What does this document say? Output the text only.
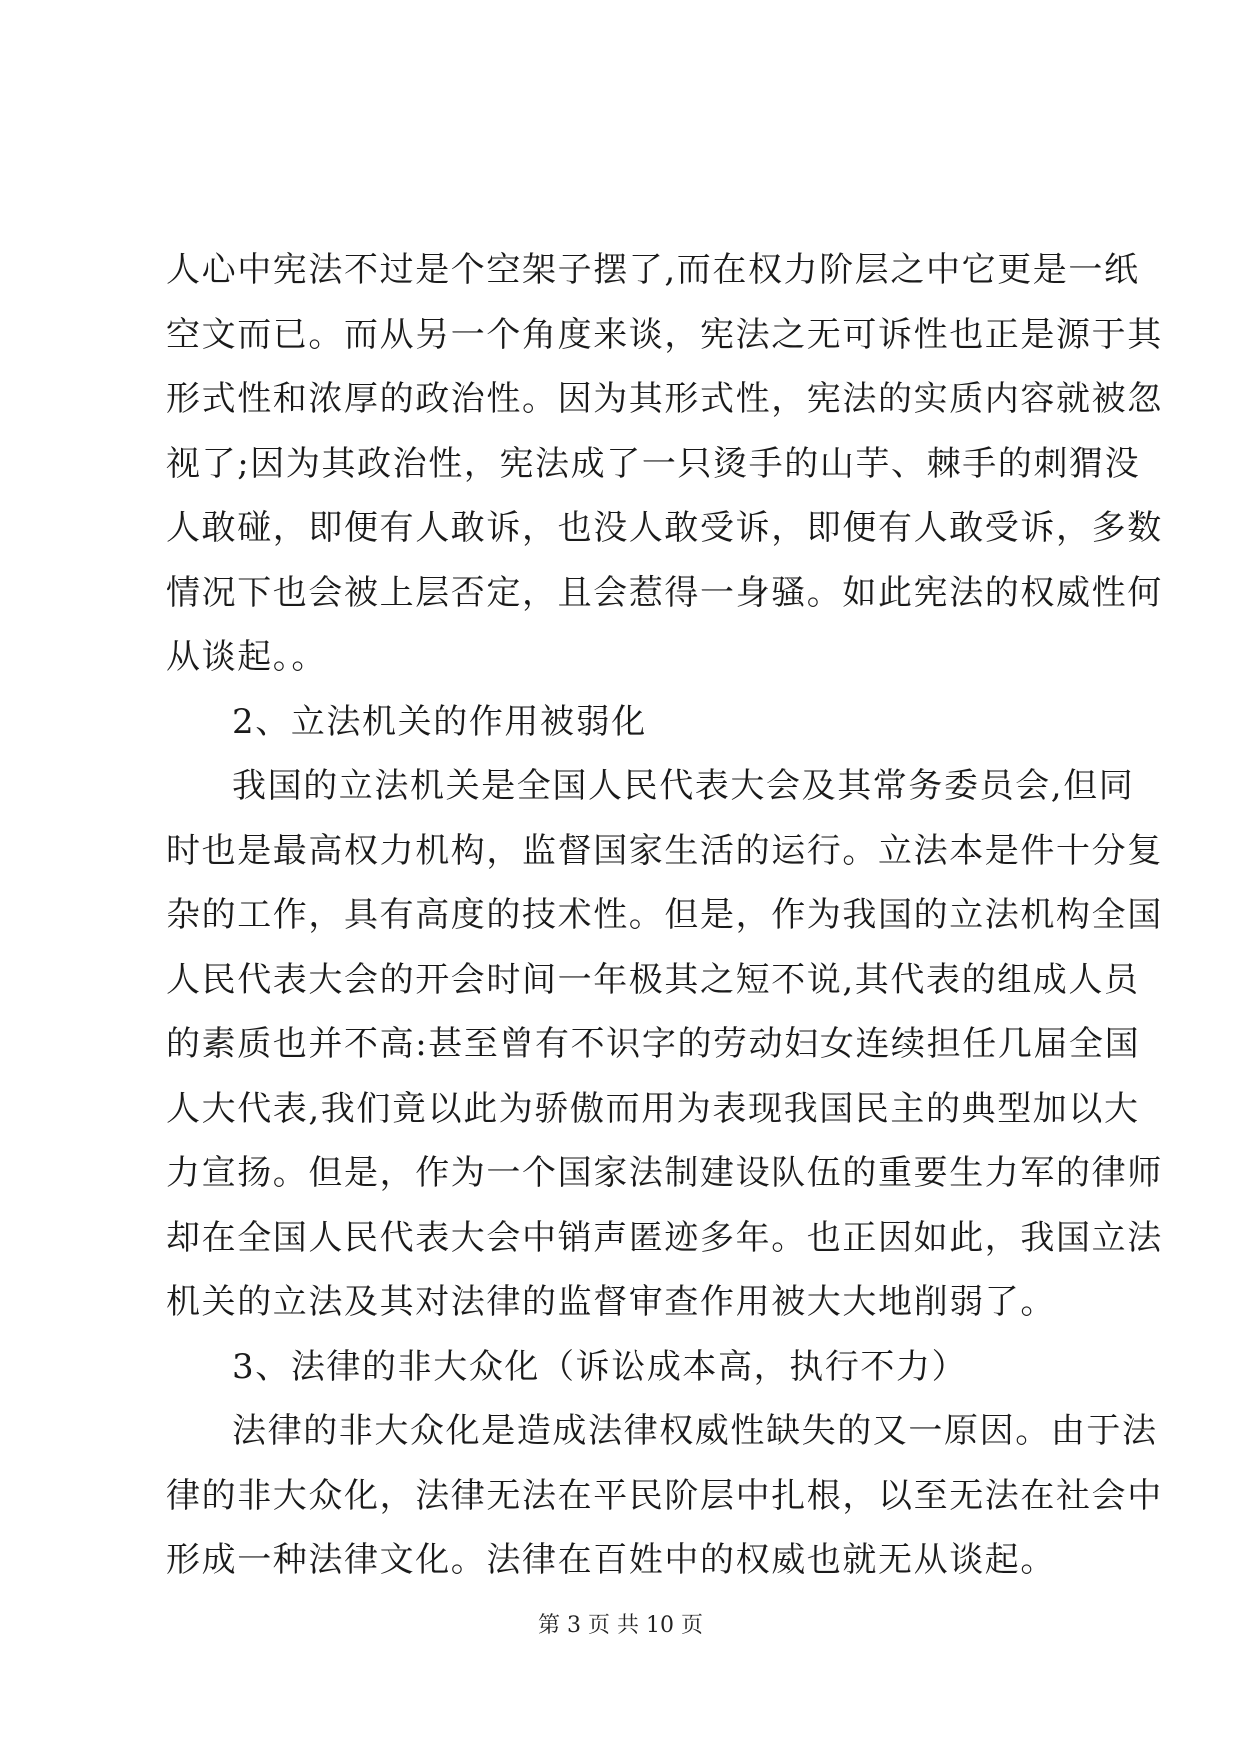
人心中宪法不过是个空架子摆了,而在权力阶层之中它更是一纸
空文而已。而从另一个角度来谈，宪法之无可诉性也正是源于其
形式性和浓厚的政治性。因为其形式性，宪法的实质内容就被忽
视了;因为其政治性，宪法成了一只烫手的山芋、棘手的刺猬没
人敢碰，即便有人敢诉，也没人敢受诉，即便有人敢受诉，多数
情况下也会被上层否定，且会惹得一身骚。如此宪法的权威性何
从谈起。。
2、立法机关的作用被弱化
我国的立法机关是全国人民代表大会及其常务委员会,但同
时也是最高权力机构，监督国家生活的运行。立法本是件十分复
杂的工作，具有高度的技术性。但是，作为我国的立法机构全国
人民代表大会的开会时间一年极其之短不说,其代表的组成人员
的素质也并不高:甚至曾有不识字的劳动妇女连续担任几届全国
人大代表,我们竟以此为骄傲而用为表现我国民主的典型加以大
力宣扬。但是，作为一个国家法制建设队伍的重要生力军的律师
却在全国人民代表大会中销声匿迹多年。也正因如此，我国立法
机关的立法及其对法律的监督审查作用被大大地削弱了。
3、法律的非大众化（诉讼成本高，执行不力）
法律的非大众化是造成法律权威性缺失的又一原因。由于法
律的非大众化，法律无法在平民阶层中扎根，以至无法在社会中
形成一种法律文化。法律在百姓中的权威也就无从谈起。
第 3 页 共 10 页
